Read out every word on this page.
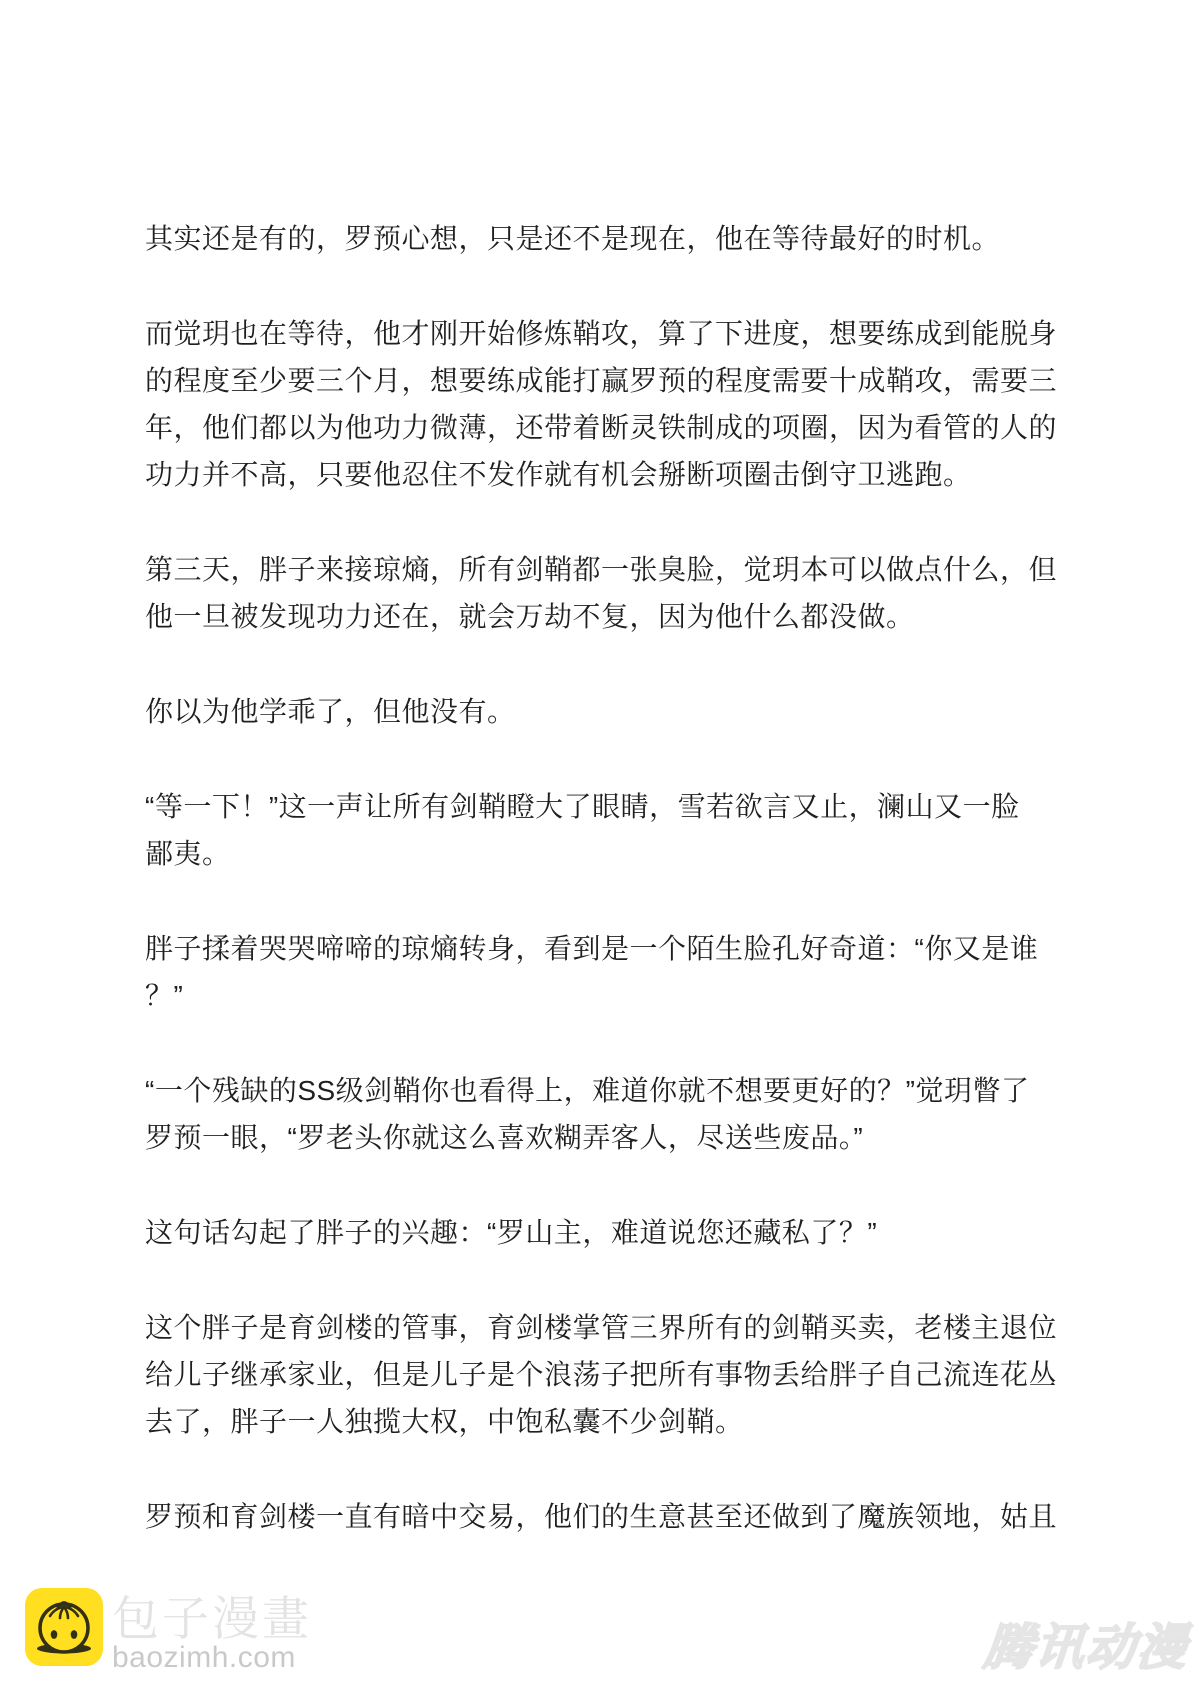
其实还是有的，罗预心想，只是还不是现在，他在等待最好的时机。

而觉玥也在等待，他才刚开始修炼鞘攻，算了下进度，想要练成到能脱身
的程度至少要三个月，想要练成能打赢罗预的程度需要十成鞘攻，需要三
年，他们都以为他功力微薄，还带着断灵铁制成的项圈，因为看管的人的
功力并不高，只要他忍住不发作就有机会掰断项圈击倒守卫逃跑。

第三天，胖子来接琼熵，所有剑鞘都一张臭脸，觉玥本可以做点什么，但
他一旦被发现功力还在，就会万劫不复，因为他什么都没做。

你以为他学乖了，但他没有。

“等一下！”这一声让所有剑鞘瞪大了眼睛，雪若欲言又止，澜山又一脸
鄙夷。

胖子揉着哭哭啼啼的琼熵转身，看到是一个陌生脸孔好奇道：“你又是谁
？”

“一个残缺的SS级剑鞘你也看得上，难道你就不想要更好的？”觉玥瞥了
罗预一眼，“罗老头你就这么喜欢糊弄客人，尽送些废品。”

这句话勾起了胖子的兴趣：“罗山主，难道说您还藏私了？”

这个胖子是育剑楼的管事，育剑楼掌管三界所有的剑鞘买卖，老楼主退位
给儿子继承家业，但是儿子是个浪荡子把所有事物丢给胖子自己流连花丛
去了，胖子一人独揽大权，中饱私囊不少剑鞘。

罗预和育剑楼一直有暗中交易，他们的生意甚至还做到了魔族领地，姑且

包子漫畫
baozimh.com	腾讯动漫
